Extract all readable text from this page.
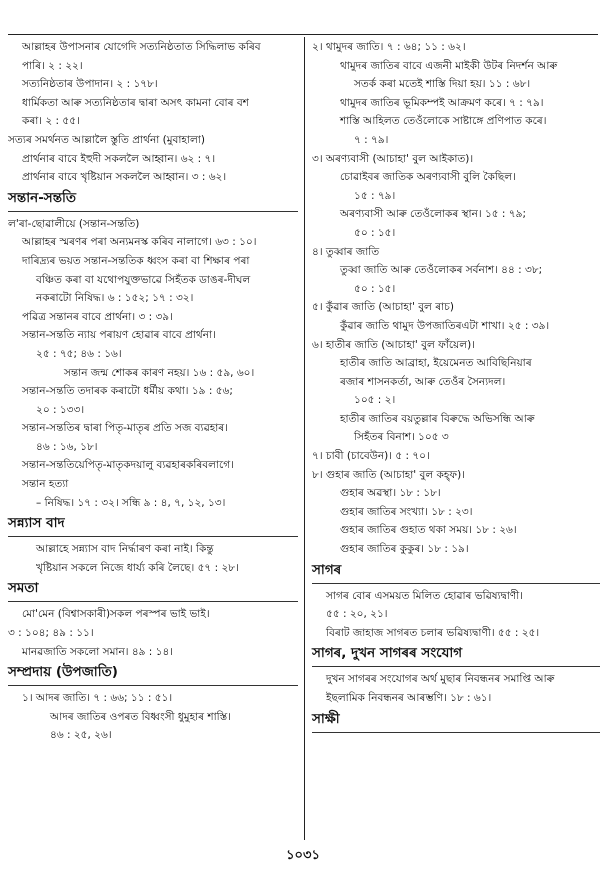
আল্লাহৰ উপাসনাৰ যোগেদি সত্যনিষ্ঠতাত সিদ্ধিলাভ কৰিব
পাৰি। ২ : ২২।
সত্যনিষ্ঠতাৰ উপাদান। ২ : ১৭৮।
ধাৰ্মিকতা আৰু সত্যনিষ্ঠতাৰ দ্বাৰা অসৎ কামনা বোৰ বশ
কৰা। ২ : ৫৫।
সত্যৰ সমৰ্থনত আল্লালৈ স্তুতি প্ৰাৰ্থনা (মুবাহালা)
প্ৰাৰ্থনাৰ বাবে ইহুদী সকললৈ আহ্বান। ৬২ : ৭।
প্ৰাৰ্থনাৰ বাবে খৃষ্টিয়ান সকললৈ আহ্বান। ৩ : ৬২।
সন্তান-সন্ততি
ল'ৰা-ছোৱালীয়ে (সন্তান-সন্ততি)
আল্লাহৰ স্মৰণৰ পৰা অন্যমনস্ক কৰিব নালাগে। ৬৩ : ১০।
দাৰিদ্ৰ্যৰ ভয়ত সন্তান-সন্ততিক ধ্বংস কৰা বা শিক্ষাৰ পৰা
বঞ্চিত কৰা বা যথোপযুক্তভাৱে সিহঁতক ডাঙৰ-দীঘল
নকৰাটো নিষিদ্ধ। ৬ : ১৫২; ১৭ : ৩২।
পৱিত্ৰ সন্তানৰ বাবে প্ৰাৰ্থনা। ৩ : ৩৯।
সন্তান-সন্ততি ন্যায় পৰায়ণ হোৱাৰ বাবে প্ৰাৰ্থনা।
২৫ : ৭৫; ৪৬ : ১৬।
সন্তান জন্ম শোকৰ কাৰণ নহয়। ১৬ : ৫৯, ৬০।
সন্তান-সন্ততি তদাৰক কৰাটো ধৰ্মীয় কথা। ১৯ : ৫৬;
২০ : ১৩৩।
সন্তান-সন্ততিৰ দ্বাৰা পিতৃ-মাতৃৰ প্ৰতি সজ ব্যৱহাৰ।
৪৬ : ১৬, ১৮।
সন্তান-সন্ততিয়েপিতৃ-মাতৃকদয়ালু ব্যৱহাৰকৰিবলাগে।
সন্তান হত্যা
– নিষিদ্ধ। ১৭ : ৩২। সন্ধি ৯ : ৪, ৭, ১২, ১৩।
সন্ন্যাস বাদ
আল্লাহে সন্ন্যাস বাদ নিৰ্দ্ধাৰণ কৰা নাই। কিন্তু
খৃষ্টিয়ান সকলে নিজে ধাৰ্য্য কৰি লৈছে। ৫৭ : ২৮।
সমতা
মো'মেন (বিশ্বাসকাৰী)সকল পৰস্পৰ ভাই ভাই।
৩ : ১০৪; ৪৯ : ১১।
মানৱজাতি সকলো সমান। ৪৯ : ১৪।
সম্প্ৰদায় (উপজাতি)
১। আদৰ জাতি। ৭ : ৬৬; ১১ : ৫১।
আদৰ জাতিৰ ওপৰত বিধ্বংসী ধুমুহাৰ শাস্তি।
৪৬ : ২৫, ২৬।
২। থামুদৰ জাতি। ৭ : ৬৪; ১১ : ৬২।
থামুদৰ জাতিৰ বাবে এজনী মাইকী উটৰ নিদৰ্শন আৰু
সতৰ্ক কৰা মতেই শাস্তি দিয়া হয়। ১১ : ৬৮।
থামুদৰ জাতিৰ ভূমিকম্পই আক্ৰমণ কৰে। ৭ : ৭৯।
শাস্তি আহিলত তেওঁলোকে সাষ্টাঙ্গে প্ৰণিপাত কৰে।
৭ : ৭৯।
৩। অৰণ্যবাসী (আচাহা' বুল আইকাত)।
চোৱাইবৰ জাতিক অৰণ্যবাসী বুলি কৈছিল।
১৫ : ৭৯।
অৰণ্যবাসী আৰু তেওঁলোকৰ স্থান। ১৫ : ৭৯;
৫০ : ১৫।
৪। তুব্বাৰ জাতি
তুব্বা জাতি আৰু তেওঁলোকৰ সৰ্বনাশ। ৪৪ : ৩৮;
৫০ : ১৫।
৫। কুঁৱাৰ জাতি (আচাহা' বুল ৰাচ)
কুঁৱাৰ জাতি থামুদ উপজাতিৰএটা শাখা। ২৫ : ৩৯।
৬। হাতীৰ জাতি (আচাহা' বুল ফাঁয়েল)।
হাতীৰ জাতি আব্ৰাহা, ইয়েমেনত আবিছিনিয়াৰ
ৰজাৰ শাসনকৰ্তা, আৰু তেওঁৰ সৈন্যদল।
১০৫ : ২।
হাতীৰ জাতিৰ বয়তুল্লাৰ বিৰুদ্ধে অভিসন্ধি আৰু
সিহঁতৰ বিনাশ। ১০৫ ৩
৭। চাবী (চাবেউন)। ৫ : ৭০।
৮। গুহাৰ জাতি (আচাহা' বুল কহ্‌ফ)।
গুহাৰ অৱস্থা। ১৮ : ১৮।
গুহাৰ জাতিৰ সংখ্যা। ১৮ : ২৩।
গুহাৰ জাতিৰ গুহাত থকা সময়। ১৮ : ২৬।
গুহাৰ জাতিৰ কুকুৰ। ১৮ : ১৯।
সাগৰ
সাগৰ বোৰ এসময়ত মিলিত হোৱাৰ ভৱিষ্যদ্বাণী।
৫৫ : ২০, ২১।
বিৰাট জাহাজ সাগৰত চলাৰ ভৱিষ্যদ্বাণী। ৫৫ : ২৫।
সাগৰ, দুখন সাগৰৰ সংযোগ
দুখন সাগৰৰ সংযোগৰ অৰ্থ মুছাৰ নিবন্ধনৰ সমাপ্তি আৰু
ইছলামিক নিবন্ধনৰ আৰম্ভণি। ১৮ : ৬১।
সাক্ষী
১০৩১
